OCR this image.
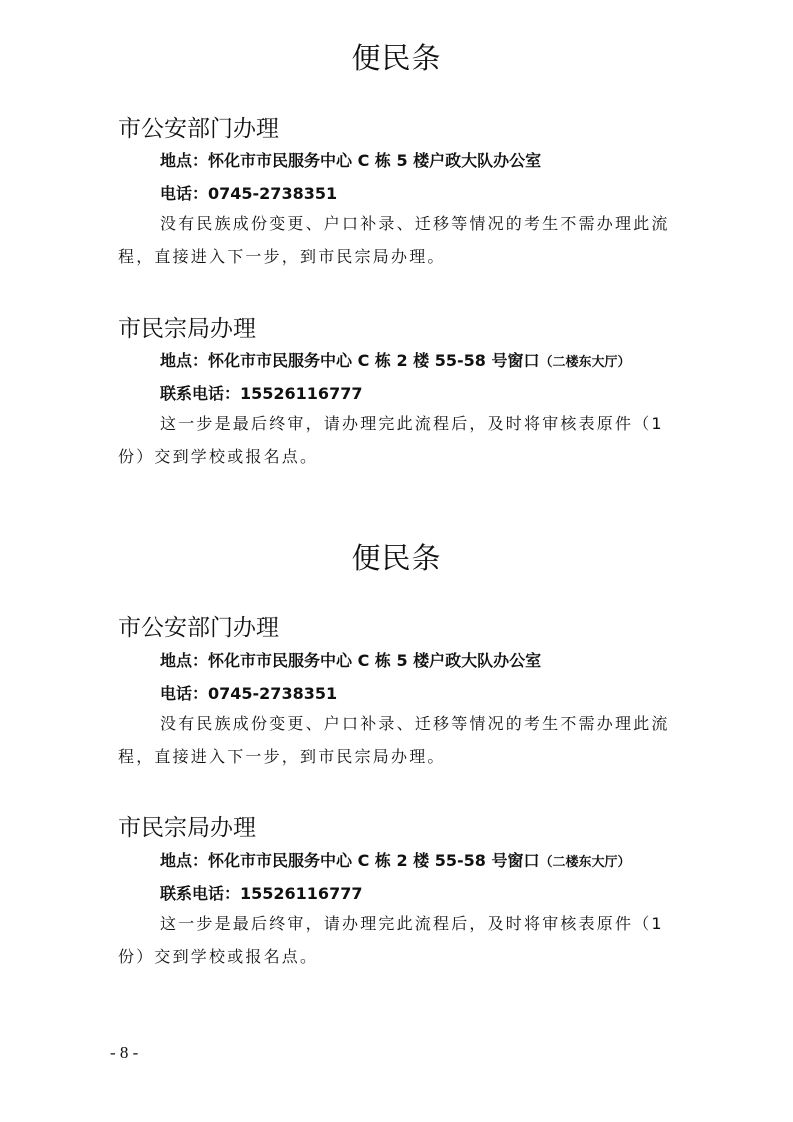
便民条
市公安部门办理
地点：怀化市市民服务中心 C 栋 5 楼户政大队办公室
电话：0745-2738351
没有民族成份变更、户口补录、迁移等情况的考生不需办理此流程，直接进入下一步，到市民宗局办理。
市民宗局办理
地点：怀化市市民服务中心 C 栋 2 楼 55-58 号窗口（二楼东大厅）
联系电话：15526116777
这一步是最后终审，请办理完此流程后，及时将审核表原件（1份）交到学校或报名点。
便民条
市公安部门办理
地点：怀化市市民服务中心 C 栋 5 楼户政大队办公室
电话：0745-2738351
没有民族成份变更、户口补录、迁移等情况的考生不需办理此流程，直接进入下一步，到市民宗局办理。
市民宗局办理
地点：怀化市市民服务中心 C 栋 2 楼 55-58 号窗口（二楼东大厅）
联系电话：15526116777
这一步是最后终审，请办理完此流程后，及时将审核表原件（1份）交到学校或报名点。
- 8 -
